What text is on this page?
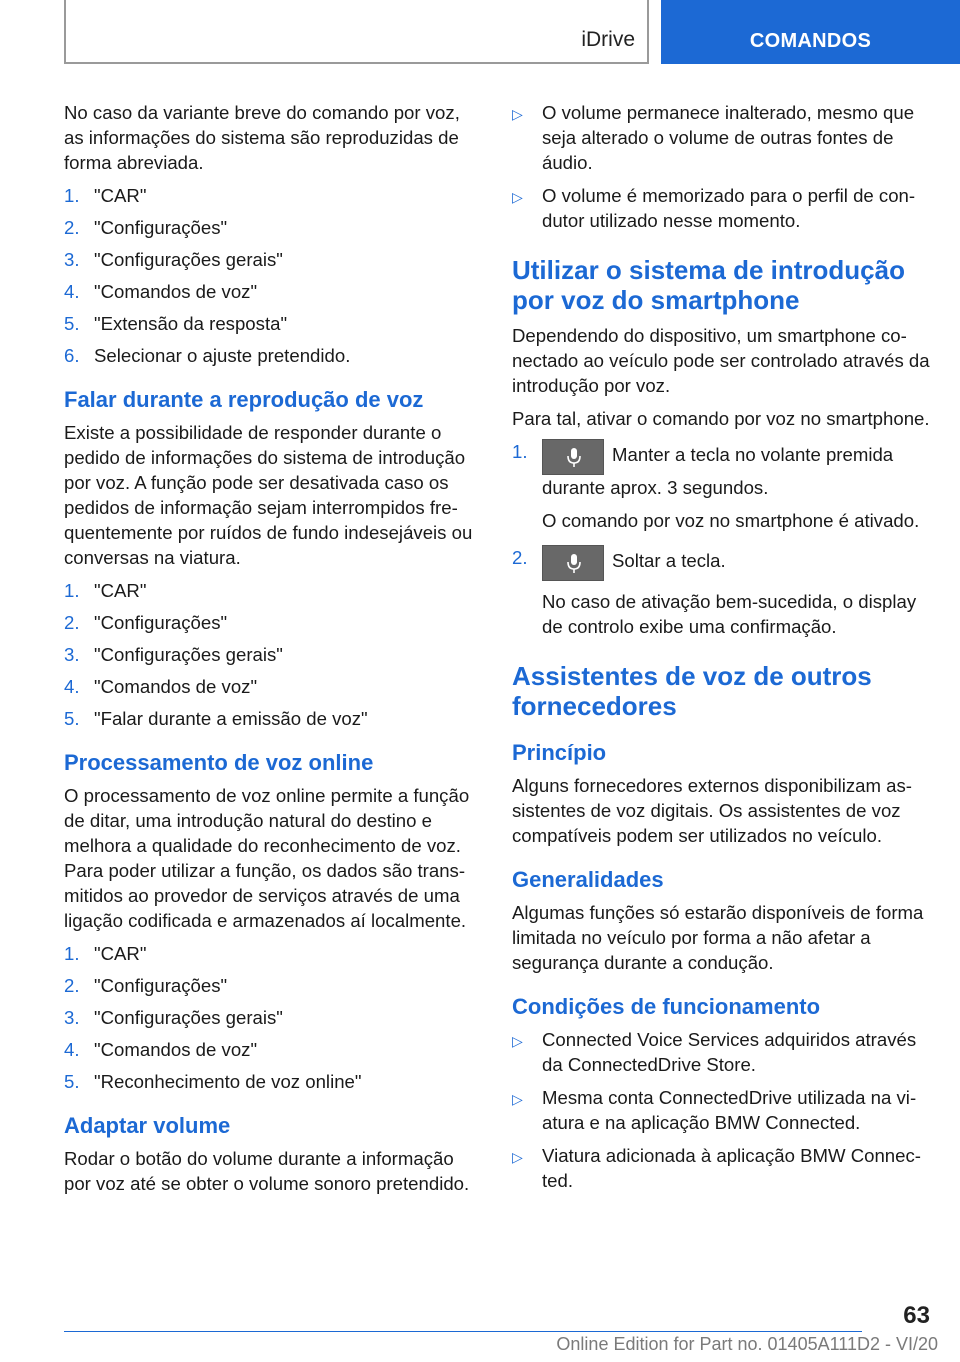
iDrive	COMANDOS

No caso da variante breve do comando por voz, as informações do sistema são reproduzidas de forma abreviada.

1. "CAR"
2. "Configurações"
3. "Configurações gerais"
4. "Comandos de voz"
5. "Extensão da resposta"
6. Selecionar o ajuste pretendido.
Falar durante a reprodução de voz

Existe a possibilidade de responder durante o pedido de informações do sistema de introdução por voz. A função pode ser desativada caso os pedidos de informação sejam interrompidos frequentemente por ruídos de fundo indesejáveis ou conversas na viatura.

1. "CAR"
2. "Configurações"
3. "Configurações gerais"
4. "Comandos de voz"
5. "Falar durante a emissão de voz"
Processamento de voz online

O processamento de voz online permite a função de ditar, uma introdução natural do destino e melhora a qualidade do reconhecimento de voz. Para poder utilizar a função, os dados são transmitidos ao provedor de serviços através de uma ligação codificada e armazenados aí localmente.

1. "CAR"
2. "Configurações"
3. "Configurações gerais"
4. "Comandos de voz"
5. "Reconhecimento de voz online"
Adaptar volume

Rodar o botão do volume durante a informação por voz até se obter o volume sonoro pretendido.

▷	O volume permanece inalterado, mesmo que seja alterado o volume de outras fontes de áudio.
▷	O volume é memorizado para o perfil de condutor utilizado nesse momento.
Utilizar o sistema de introdução por voz do smartphone

Dependendo do dispositivo, um smartphone conectado ao veículo pode ser controlado através da introdução por voz.

Para tal, ativar o comando por voz no smartphone.

1.	Manter a tecla no volante premida durante aprox. 3 segundos.
O comando por voz no smartphone é ativado.
2.	Soltar a tecla.
No caso de ativação bem-sucedida, o display de controlo exibe uma confirmação.
Assistentes de voz de outros fornecedores
Princípio

Alguns fornecedores externos disponibilizam assistentes de voz digitais. Os assistentes de voz compatíveis podem ser utilizados no veículo.

Generalidades

Algumas funções só estarão disponíveis de forma limitada no veículo por forma a não afetar a segurança durante a condução.

Condições de funcionamento
▷	Connected Voice Services adquiridos através da ConnectedDrive Store.
▷	Mesma conta ConnectedDrive utilizada na viatura e na aplicação BMW Connected.
▷	Viatura adicionada à aplicação BMW Connected.
63
Online Edition for Part no. 01405A111D2 - VI/20
